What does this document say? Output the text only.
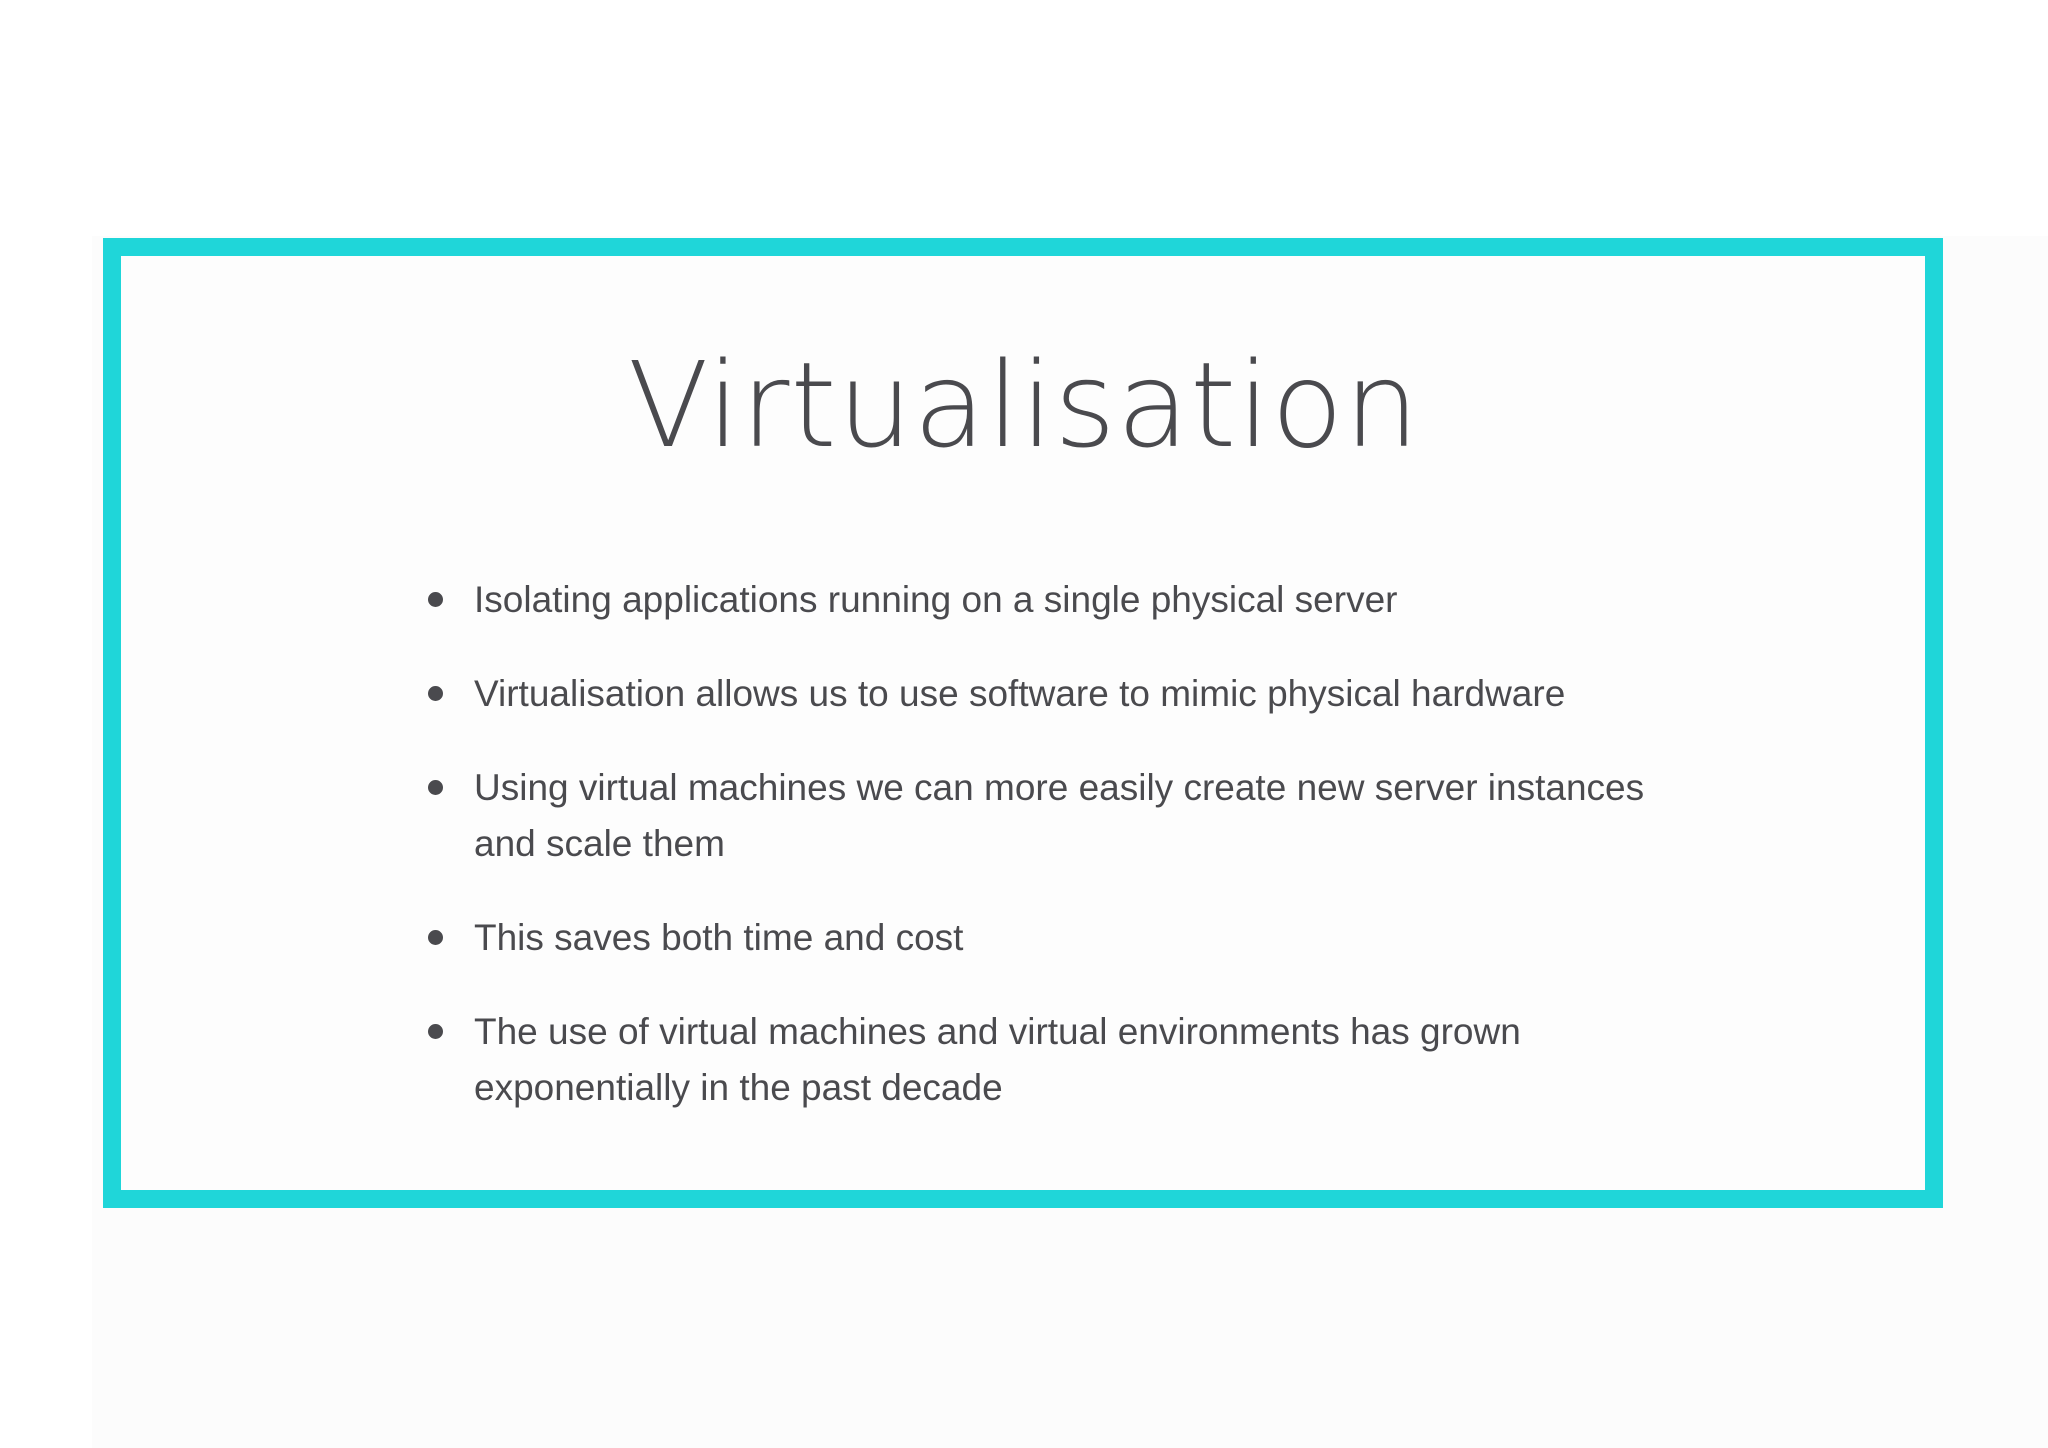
Virtualisation
Isolating applications running on a single physical server
Virtualisation allows us to use software to mimic physical hardware
Using virtual machines we can more easily create new server instances and scale them
This saves both time and cost
The use of virtual machines and virtual environments has grown exponentially in the past decade
